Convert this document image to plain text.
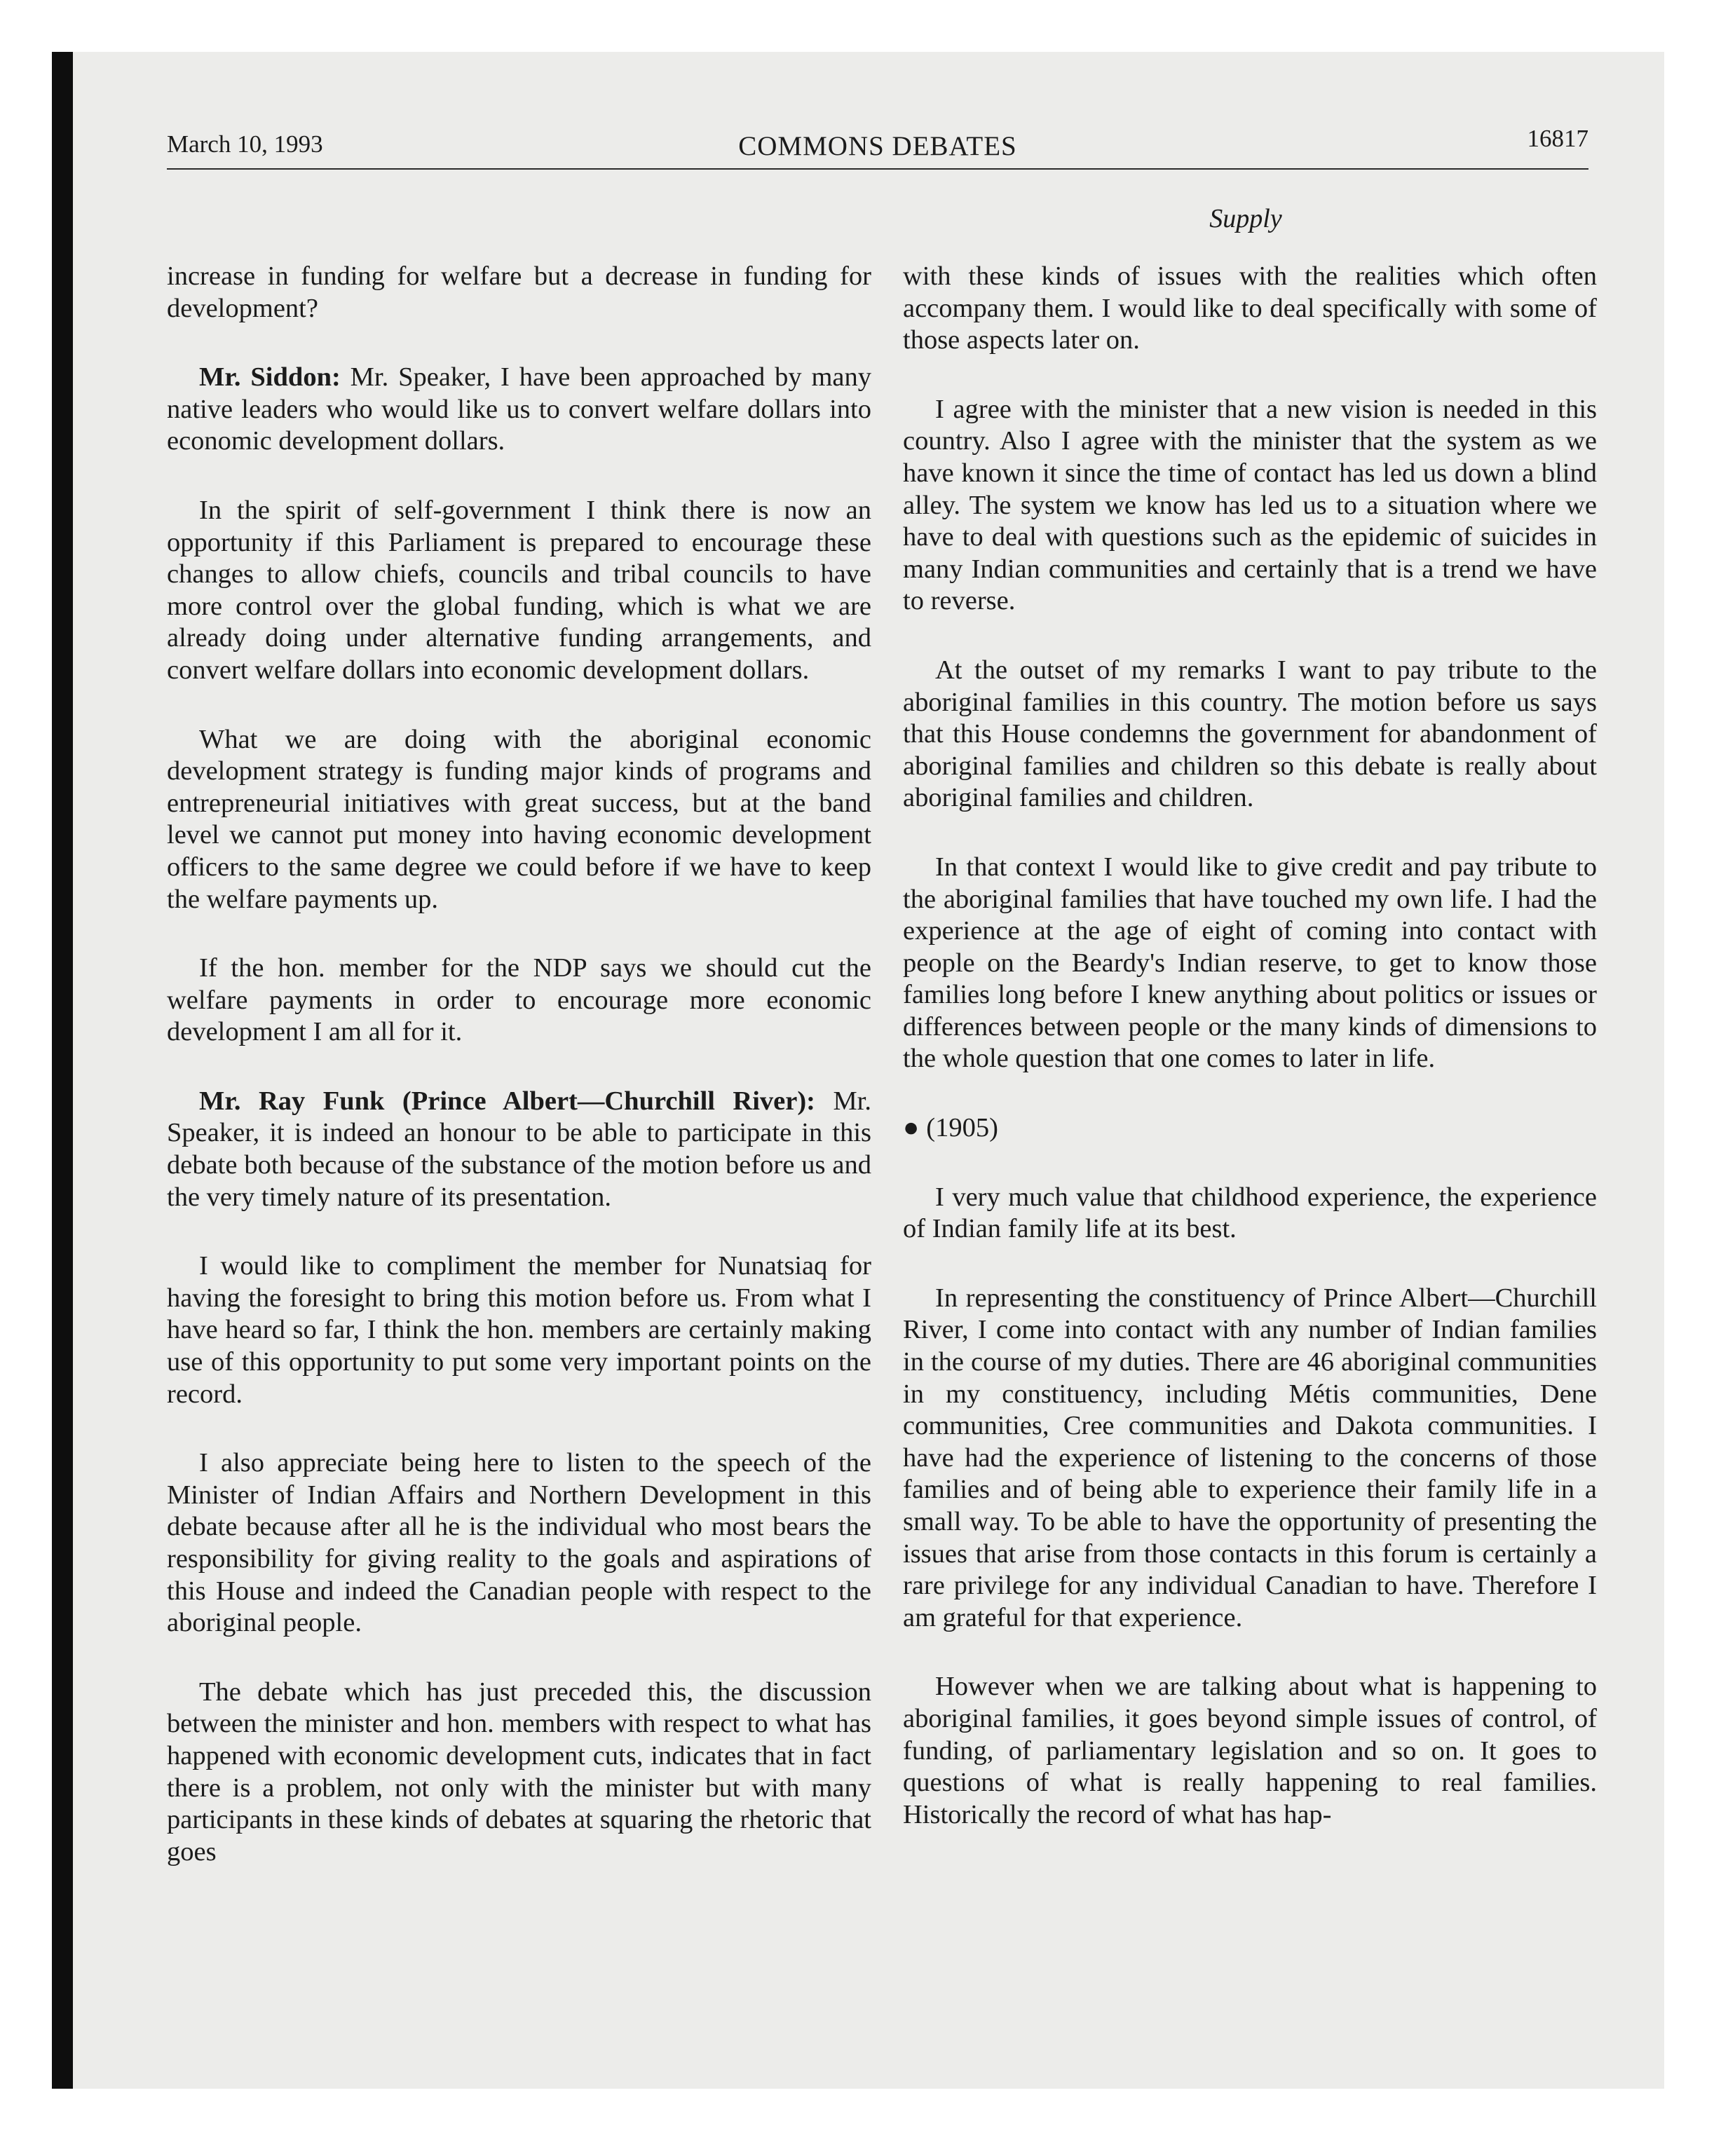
March 10, 1993	COMMONS DEBATES	16817
Supply

increase in funding for welfare but a decrease in funding for development?

Mr. Siddon: Mr. Speaker, I have been approached by many native leaders who would like us to convert welfare dollars into economic development dollars.

In the spirit of self-government I think there is now an opportunity if this Parliament is prepared to encourage these changes to allow chiefs, councils and tribal councils to have more control over the global funding, which is what we are already doing under alternative funding arrangements, and convert welfare dollars into economic development dollars.

What we are doing with the aboriginal economic development strategy is funding major kinds of programs and entrepreneurial initiatives with great success, but at the band level we cannot put money into having economic development officers to the same degree we could before if we have to keep the welfare payments up.

If the hon. member for the NDP says we should cut the welfare payments in order to encourage more economic development I am all for it.

Mr. Ray Funk (Prince Albert—Churchill River): Mr. Speaker, it is indeed an honour to be able to participate in this debate both because of the substance of the motion before us and the very timely nature of its presentation.

I would like to compliment the member for Nunatsiaq for having the foresight to bring this motion before us. From what I have heard so far, I think the hon. members are certainly making use of this opportunity to put some very important points on the record.

I also appreciate being here to listen to the speech of the Minister of Indian Affairs and Northern Development in this debate because after all he is the individual who most bears the responsibility for giving reality to the goals and aspirations of this House and indeed the Canadian people with respect to the aboriginal people.

The debate which has just preceded this, the discussion between the minister and hon. members with respect to what has happened with economic development cuts, indicates that in fact there is a problem, not only with the minister but with many participants in these kinds of debates at squaring the rhetoric that goes

with these kinds of issues with the realities which often accompany them. I would like to deal specifically with some of those aspects later on.

I agree with the minister that a new vision is needed in this country. Also I agree with the minister that the system as we have known it since the time of contact has led us down a blind alley. The system we know has led us to a situation where we have to deal with questions such as the epidemic of suicides in many Indian communities and certainly that is a trend we have to reverse.

At the outset of my remarks I want to pay tribute to the aboriginal families in this country. The motion before us says that this House condemns the government for abandonment of aboriginal families and children so this debate is really about aboriginal families and children.

In that context I would like to give credit and pay tribute to the aboriginal families that have touched my own life. I had the experience at the age of eight of coming into contact with people on the Beardy's Indian reserve, to get to know those families long before I knew anything about politics or issues or differences between people or the many kinds of dimensions to the whole question that one comes to later in life.

● (1905)

I very much value that childhood experience, the experience of Indian family life at its best.

In representing the constituency of Prince Albert—Churchill River, I come into contact with any number of Indian families in the course of my duties. There are 46 aboriginal communities in my constituency, including Métis communities, Dene communities, Cree communities and Dakota communities. I have had the experience of listening to the concerns of those families and of being able to experience their family life in a small way. To be able to have the opportunity of presenting the issues that arise from those contacts in this forum is certainly a rare privilege for any individual Canadian to have. Therefore I am grateful for that experience.

However when we are talking about what is happening to aboriginal families, it goes beyond simple issues of control, of funding, of parliamentary legislation and so on. It goes to questions of what is really happening to real families. Historically the record of what has hap-
